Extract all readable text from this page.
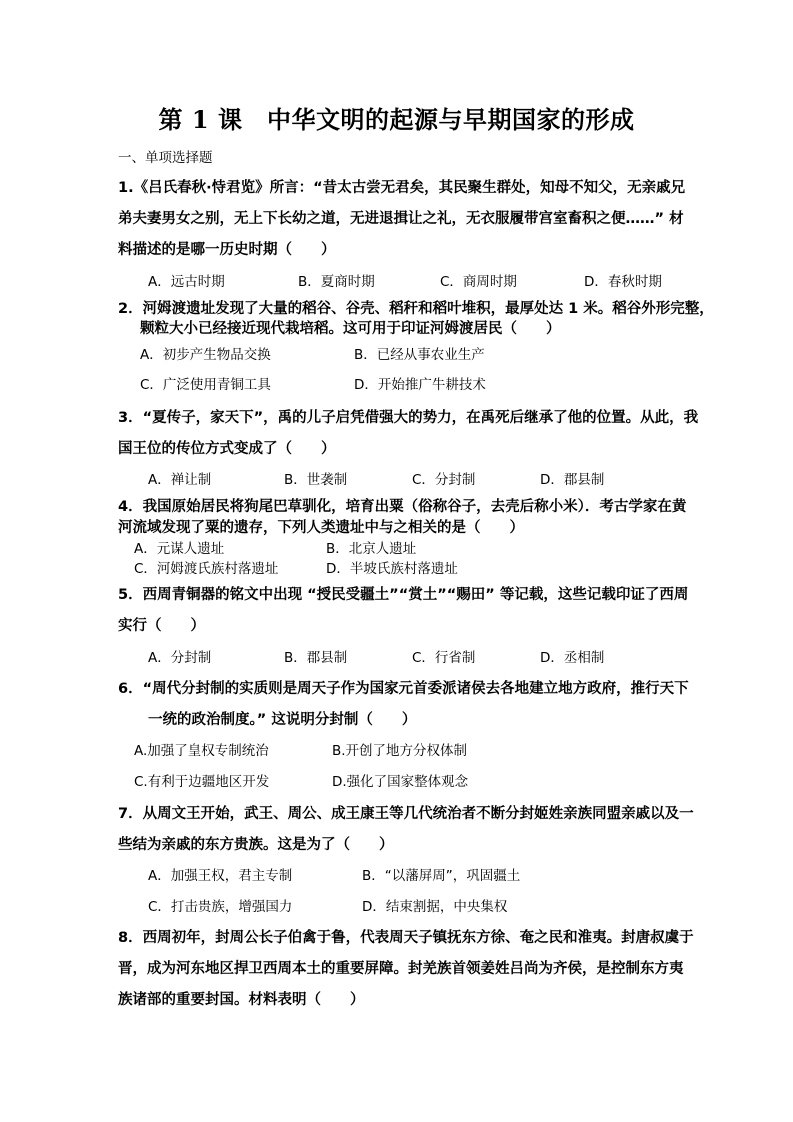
第 1 课　中华文明的起源与早期国家的形成
一、单项选择题
1.《吕氏春秋·恃君览》所言：“昔太古尝无君矣，其民聚生群处，知母不知父，无亲戚兄
弟夫妻男女之别，无上下长幼之道，无进退揖让之礼，无衣服履带宫室畜积之便……” 材
料描述的是哪一历史时期（　　）
A．远古时期	B．夏商时期	C．商周时期	D．春秋时期
2．河姆渡遗址发现了大量的稻谷、谷壳、稻秆和稻叶堆积，最厚处达 1 米。稻谷外形完整，
颗粒大小已经接近现代栽培稻。这可用于印证河姆渡居民（　　）
A．初步产生物品交换	B．已经从事农业生产
C．广泛使用青铜工具	D．开始推广牛耕技术
3．“夏传子，家天下”，禹的儿子启凭借强大的势力，在禹死后继承了他的位置。从此，我
国王位的传位方式变成了（　　）
A．禅让制	B．世袭制	C．分封制	D．郡县制
4．我国原始居民将狗尾巴草驯化，培育出粟（俗称谷子，去壳后称小米）．考古学家在黄
河流域发现了粟的遗存，下列人类遗址中与之相关的是（　　）
A．元谋人遗址	B．北京人遗址
C．河姆渡氏族村落遗址	D．半坡氏族村落遗址
5．西周青铜器的铭文中出现 “授民受疆土”“赏土”“赐田” 等记载，这些记载印证了西周
实行（　　）
A．分封制	B．郡县制	C．行省制	D．丞相制
6．“周代分封制的实质则是周天子作为国家元首委派诸侯去各地建立地方政府，推行天下
一统的政治制度。” 这说明分封制（　　）
A.加强了皇权专制统治	B.开创了地方分权体制
C.有利于边疆地区开发	D.强化了国家整体观念
7．从周文王开始，武王、周公、成王康王等几代统治者不断分封姬姓亲族同盟亲戚以及一
些结为亲戚的东方贵族。这是为了（　　）
A．加强王权，君主专制	B．“以藩屏周”，巩固疆土
C．打击贵族，增强国力	D．结束割据，中央集权
8．西周初年，封周公长子伯禽于鲁，代表周天子镇抚东方徐、奄之民和淮夷。封唐叔虞于
晋，成为河东地区捍卫西周本土的重要屏障。封羌族首领姜姓吕尚为齐侯，是控制东方夷
族诸部的重要封国。材料表明（　　）
